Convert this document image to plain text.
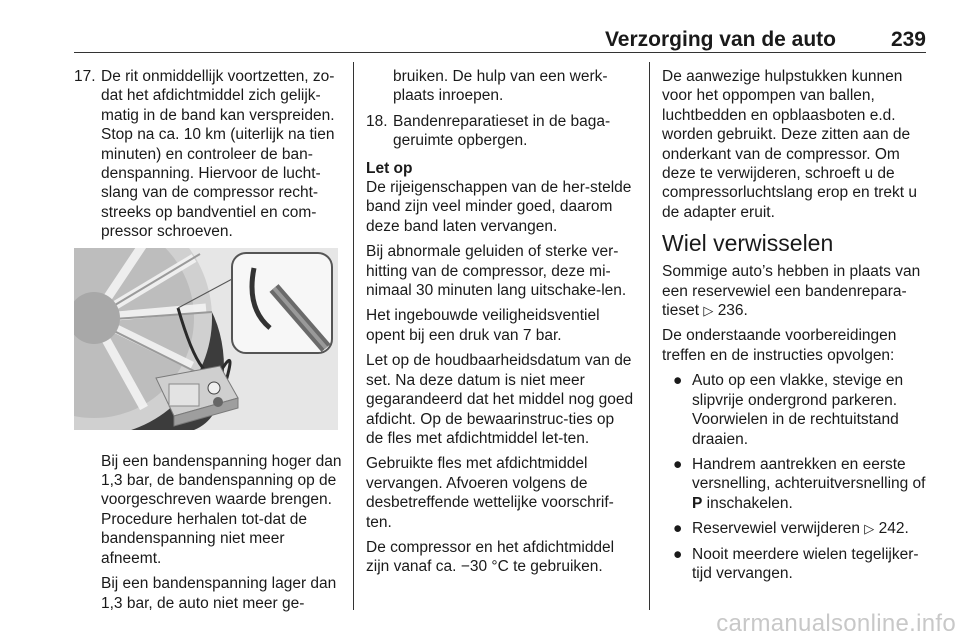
Verzorging van de auto	239
17. De rit onmiddellijk voortzetten, zo-dat het afdichtmiddel zich gelijk-matig in de band kan verspreiden. Stop na ca. 10 km (uiterlijk na tien minuten) en controleer de ban-denspanning. Hiervoor de lucht-slang van de compressor recht-streeks op bandventiel en com-pressor schroeven.

Bij een bandenspanning hoger dan 1,3 bar, de bandenspanning op de voorgeschreven waarde brengen. Procedure herhalen tot-dat de bandenspanning niet meer afneemt.

Bij een bandenspanning lager dan 1,3 bar, de auto niet meer ge-

bruiken. De hulp van een werk-plaats inroepen.
18. Bandenreparatieset in de baga-geruimte opbergen.
Let op

De rijeigenschappen van de her-stelde band zijn veel minder goed, daarom deze band laten vervangen.

Bij abnormale geluiden of sterke ver-hitting van de compressor, deze mi-nimaal 30 minuten lang uitschake-len.

Het ingebouwde veiligheidsventiel opent bij een druk van 7 bar.

Let op de houdbaarheidsdatum van de set. Na deze datum is niet meer gegarandeerd dat het middel nog goed afdicht. Op de bewaarinstruc-ties op de fles met afdichtmiddel let-ten.

Gebruikte fles met afdichtmiddel vervangen. Afvoeren volgens de desbetreffende wettelijke voorschrif-ten.

De compressor en het afdichtmiddel zijn vanaf ca. −30 °C te gebruiken.

De aanwezige hulpstukken kunnen voor het oppompen van ballen, luchtbedden en opblaasboten e.d. worden gebruikt. Deze zitten aan de onderkant van de compressor. Om deze te verwijderen, schroeft u de compressorluchtslang erop en trekt u de adapter eruit.

Wiel verwisselen

Sommige auto’s hebben in plaats van een reservewiel een bandenrepara-tieset ▷ 236.

De onderstaande voorbereidingen treffen en de instructies opvolgen:

● Auto op een vlakke, stevige en slipvrije ondergrond parkeren. Voorwielen in de rechtuitstand draaien.
● Handrem aantrekken en eerste versnelling, achteruitversnelling of P inschakelen.
● Reservewiel verwijderen ▷ 242.
● Nooit meerdere wielen tegelijker-tijd vervangen.
carmanualsonline.info
